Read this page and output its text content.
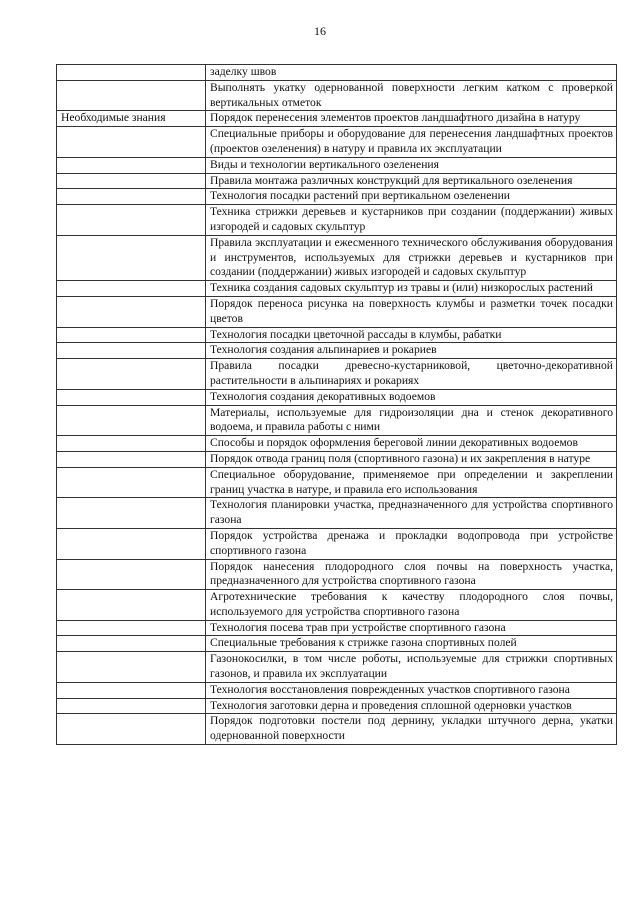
16
	заделку швов
	Выполнять укатку одернованной поверхности легким катком с проверкой вертикальных отметок
Необходимые знания	Порядок перенесения элементов проектов ландшафтного дизайна в натуру
	Специальные приборы и оборудование для перенесения ландшафтных проектов (проектов озеленения) в натуру и правила их эксплуатации
	Виды и технологии вертикального озеленения
	Правила монтажа различных конструкций для вертикального озеленения
	Технология посадки растений при вертикальном озеленении
	Техника стрижки деревьев и кустарников при создании (поддержании) живых изгородей и садовых скульптур
	Правила эксплуатации и ежесменного технического обслуживания оборудования и инструментов, используемых для стрижки деревьев и кустарников при создании (поддержании) живых изгородей и садовых скульптур
	Техника создания садовых скульптур из травы и (или) низкорослых растений
	Порядок переноса рисунка на поверхность клумбы и разметки точек посадки цветов
	Технология посадки цветочной рассады в клумбы, рабатки
	Технология создания альпинариев и рокариев
	Правила посадки древесно-кустарниковой, цветочно-декоративной растительности в альпинариях и рокариях
	Технология создания декоративных водоемов
	Материалы, используемые для гидроизоляции дна и стенок декоративного водоема, и правила работы с ними
	Способы и порядок оформления береговой линии декоративных водоемов
	Порядок отвода границ поля (спортивного газона) и их закрепления в натуре
	Специальное оборудование, применяемое при определении и закреплении границ участка в натуре, и правила его использования
	Технология планировки участка, предназначенного для устройства спортивного газона
	Порядок устройства дренажа и прокладки водопровода при устройстве спортивного газона
	Порядок нанесения плодородного слоя почвы на поверхность участка, предназначенного для устройства спортивного газона
	Агротехнические требования к качеству плодородного слоя почвы, используемого для устройства спортивного газона
	Технология посева трав при устройстве спортивного газона
	Специальные требования к стрижке газона спортивных полей
	Газонокосилки, в том числе роботы, используемые для стрижки спортивных газонов, и правила их эксплуатации
	Технология восстановления поврежденных участков спортивного газона
	Технология заготовки дерна и проведения сплошной одерновки участков
	Порядок подготовки постели под дернину, укладки штучного дерна, укатки одернованной поверхности
